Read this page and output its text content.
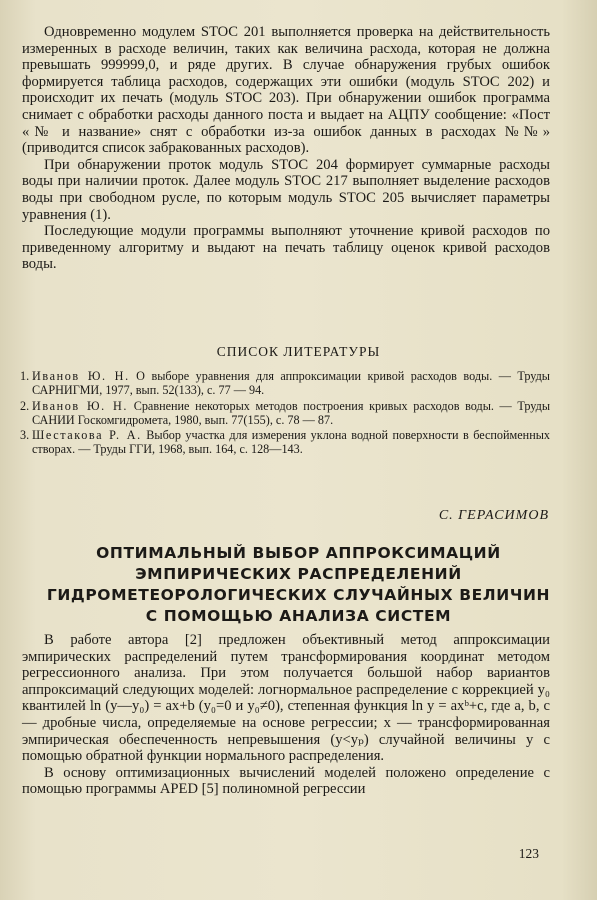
Одновременно модулем STOC 201 выполняется проверка на действительность измеренных в расходе величин, таких как величина расхода, которая не должна превышать 999999,0, и ряде других. В случае обнаружения грубых ошибок формируется таблица расходов, содержащих эти ошибки (модуль STOC 202) и происходит их печать (модуль STOC 203). При обнаружении ошибок программа снимает с обработки расходы данного поста и выдает на АЦПУ сообщение: «Пост «№ и название» снят с обработки из-за ошибок данных в расходах №№» (приводится список забракованных расходов).

При обнаружении проток модуль STOC 204 формирует суммарные расходы воды при наличии проток. Далее модуль STOC 217 выполняет выделение расходов воды при свободном русле, по которым модуль STOC 205 вычисляет параметры уравнения (1).

Последующие модули программы выполняют уточнение кривой расходов по приведенному алгоритму и выдают на печать таблицу оценок кривой расходов воды.

СПИСОК ЛИТЕРАТУРЫ
1. Иванов Ю. Н. О выборе уравнения для аппроксимации кривой расходов воды. — Труды САРНИГМИ, 1977, вып. 52(133), с. 77 — 94.
2. Иванов Ю. Н. Сравнение некоторых методов построения кривых расходов воды. — Труды САНИИ Госкомгидромета, 1980, вып. 77(155), с. 78 — 87.
3. Шестакова Р. А. Выбор участка для измерения уклона водной поверхности в беспойменных створах. — Труды ГГИ, 1968, вып. 164, с. 128—143.
С. ГЕРАСИМОВ
ОПТИМАЛЬНЫЙ ВЫБОР АППРОКСИМАЦИЙ
ЭМПИРИЧЕСКИХ РАСПРЕДЕЛЕНИЙ
ГИДРОМЕТЕОРОЛОГИЧЕСКИХ СЛУЧАЙНЫХ ВЕЛИЧИН
С ПОМОЩЬЮ АНАЛИЗА СИСТЕМ

В работе автора [2] предложен объективный метод аппроксимации эмпирических распределений путем трансформирования координат методом регрессионного анализа. При этом получается большой набор вариантов аппроксимаций следующих моделей: логнормальное распределение с коррекцией y₀ квантилей ln (y—y₀) = ax+b (y₀=0 и y₀≠0), степенная функция ln y = axᵇ+c, где a, b, c — дробные числа, определяемые на основе регрессии; x — трансформированная эмпирическая обеспеченность непревышения (y<yₚ) случайной величины y с помощью обратной функции нормального распределения.

В основу оптимизационных вычислений моделей положено определение с помощью программы APED [5] полиномной регрессии

123
